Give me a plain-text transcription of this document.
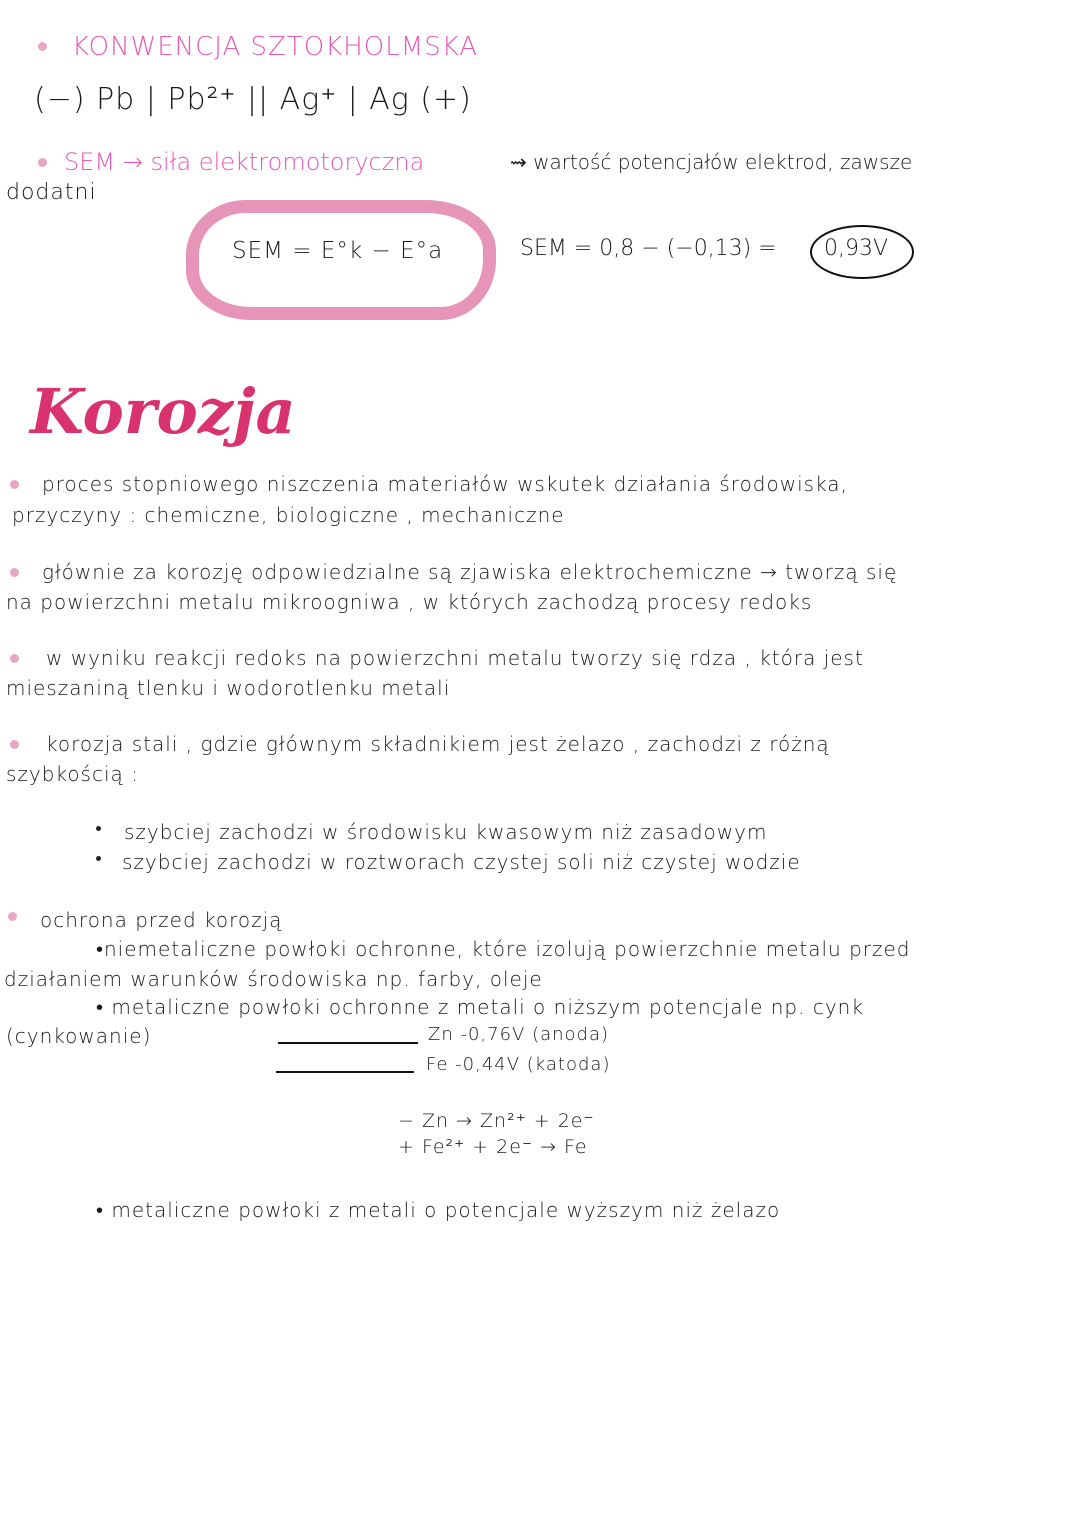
KONWENCJA SZTOKHOLMSKA
(−) Pb | Pb²⁺ || Ag⁺ | Ag (+)
SEM → siła elektromotoryczna	⇝ wartość potencjałów elektrod, zawsze
dodatni
SEM = E°k − E°a	SEM = 0,8 − (−0,13) = 0,93V
Korozja
proces stopniowego niszczenia materiałów wskutek działania środowiska,
przyczyny : chemiczne, biologiczne , mechaniczne
głównie za korozję odpowiedzialne są zjawiska elektrochemiczne → tworzą się
na powierzchni metalu mikroogniwa , w których zachodzą procesy redoks
w wyniku reakcji redoks na powierzchni metalu tworzy się rdza , która jest
mieszaniną tlenku i wodorotlenku metali
korozja stali , gdzie głównym składnikiem jest żelazo , zachodzi z różną
szybkością :
szybciej zachodzi w środowisku kwasowym niż zasadowym
szybciej zachodzi w roztworach czystej soli niż czystej wodzie
ochrona przed korozją
•niemetaliczne powłoki ochronne, które izolują powierzchnie metalu przed
działaniem warunków środowiska np. farby, oleje
• metaliczne powłoki ochronne z metali o niższym potencjale np. cynk
(cynkowanie)	Zn -0,76V (anoda)
Fe -0,44V (katoda)
− Zn → Zn²⁺ + 2e⁻
+ Fe²⁺ + 2e⁻ → Fe
• metaliczne powłoki z metali o potencjale wyższym niż żelazo
